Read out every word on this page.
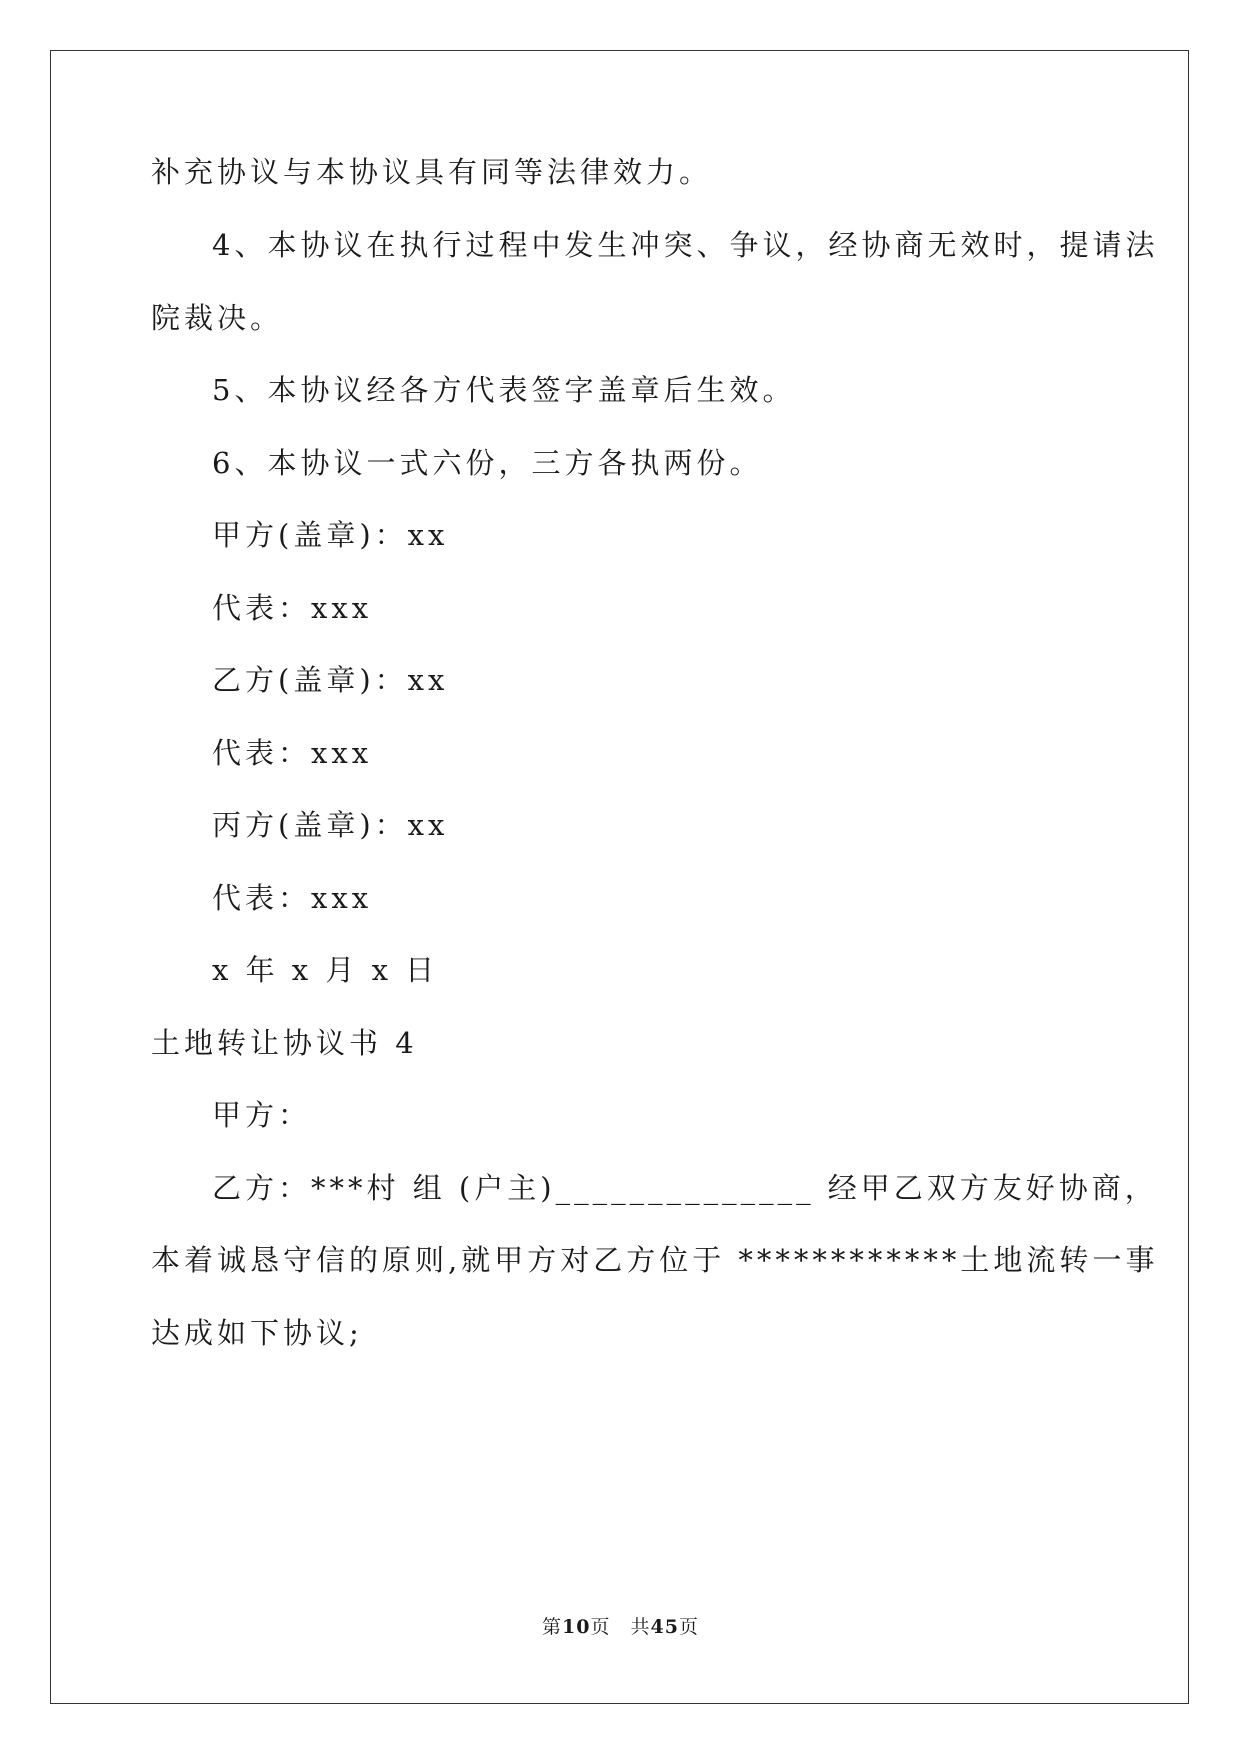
补充协议与本协议具有同等法律效力。
4、本协议在执行过程中发生冲突、争议，经协商无效时，提请法
院裁决。
5、本协议经各方代表签字盖章后生效。
6、本协议一式六份，三方各执两份。
甲方(盖章)：xx
代表：xxx
乙方(盖章)：xx
代表：xxx
丙方(盖章)：xx
代表：xxx
x 年 x 月 x 日
土地转让协议书 4
甲方：
乙方：***村 组 (户主)______________ 经甲乙双方友好协商，
本着诚恳守信的原则,就甲方对乙方位于 ************土地流转一事
达成如下协议;
第10页 共45页
